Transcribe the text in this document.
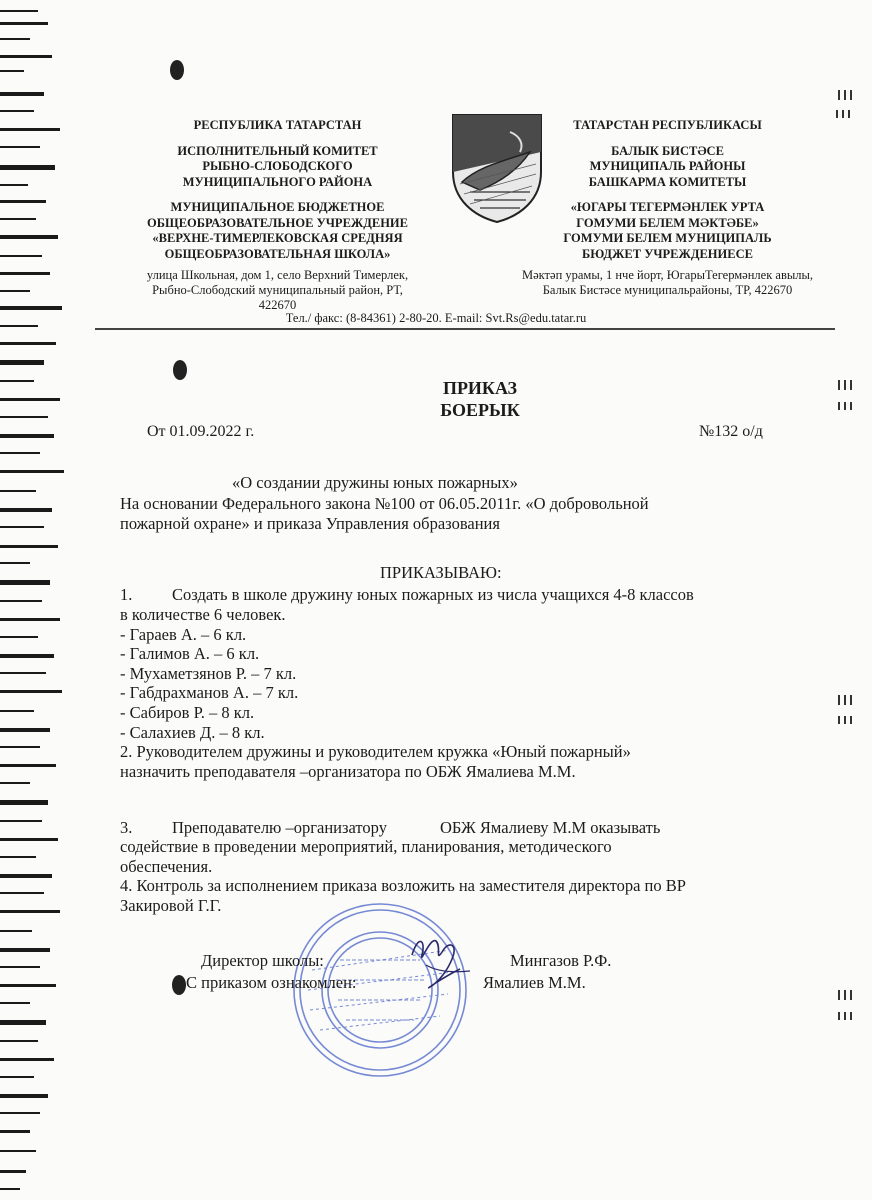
РЕСПУБЛИКА ТАТАРСТАН
ИСПОЛНИТЕЛЬНЫЙ КОМИТЕТ
РЫБНО-СЛОБОДСКОГО
МУНИЦИПАЛЬНОГО РАЙОНА
МУНИЦИПАЛЬНОЕ БЮДЖЕТНОЕ
ОБЩЕОБРАЗОВАТЕЛЬНОЕ УЧРЕЖДЕНИЕ
«ВЕРХНЕ-ТИМЕРЛЕКОВСКАЯ СРЕДНЯЯ
ОБЩЕОБРАЗОВАТЕЛЬНАЯ ШКОЛА»
улица Школьная, дом 1, село Верхний Тимерлек,
Рыбно-Слободский муниципальный район, РТ,
422670
ТАТАРСТАН РЕСПУБЛИКАСЫ
БАЛЫК БИСТӘСЕ
МУНИЦИПАЛЬ РАЙОНЫ
БАШКАРМА КОМИТЕТЫ
«ЮГАРЫ ТЕГЕРМӘНЛЕК УРТА
ГОМУМИ БЕЛЕМ МӘКТӘБЕ»
ГОМУМИ БЕЛЕМ МУНИЦИПАЛЬ
БЮДЖЕТ УЧРЕЖДЕНИЕСЕ
Мәктәп урамы, 1 нче йорт, ЮгарыТегермәнлек авылы,
Балык Бистәсе муниципальрайоны, ТР, 422670
Тел./ факс: (8-84361) 2-80-20. E-mail: Svt.Rs@edu.tatar.ru
ПРИКАЗ
БОЕРЫК
От 01.09.2022 г.	№132 о/д
«О создании дружины юных пожарных»
На основании Федерального закона №100 от 06.05.2011г. «О добровольной
пожарной охране» и приказа Управления образования
ПРИКАЗЫВАЮ:
1. Создать в школе дружину юных пожарных из числа учащихся 4-8 классов
в количестве 6 человек.
- Гараев А. – 6 кл.
- Галимов А. – 6 кл.
- Мухаметзянов Р. – 7 кл.
- Габдрахманов А. – 7 кл.
- Сабиров Р. – 8 кл.
- Салахиев Д. – 8 кл.
2. Руководителем дружины и руководителем кружка «Юный пожарный»
назначить преподавателя –организатора по ОБЖ Ямалиева М.М.
3. Преподавателю –организатору	ОБЖ Ямалиеву М.М оказывать
содействие в проведении мероприятий, планирования, методического
обеспечения.
4. Контроль за исполнением приказа возложить на заместителя директора по ВР
Закировой Г.Г.
Директор школы:	Мингазов Р.Ф.
С приказом ознакомлен:	Ямалиев М.М.
